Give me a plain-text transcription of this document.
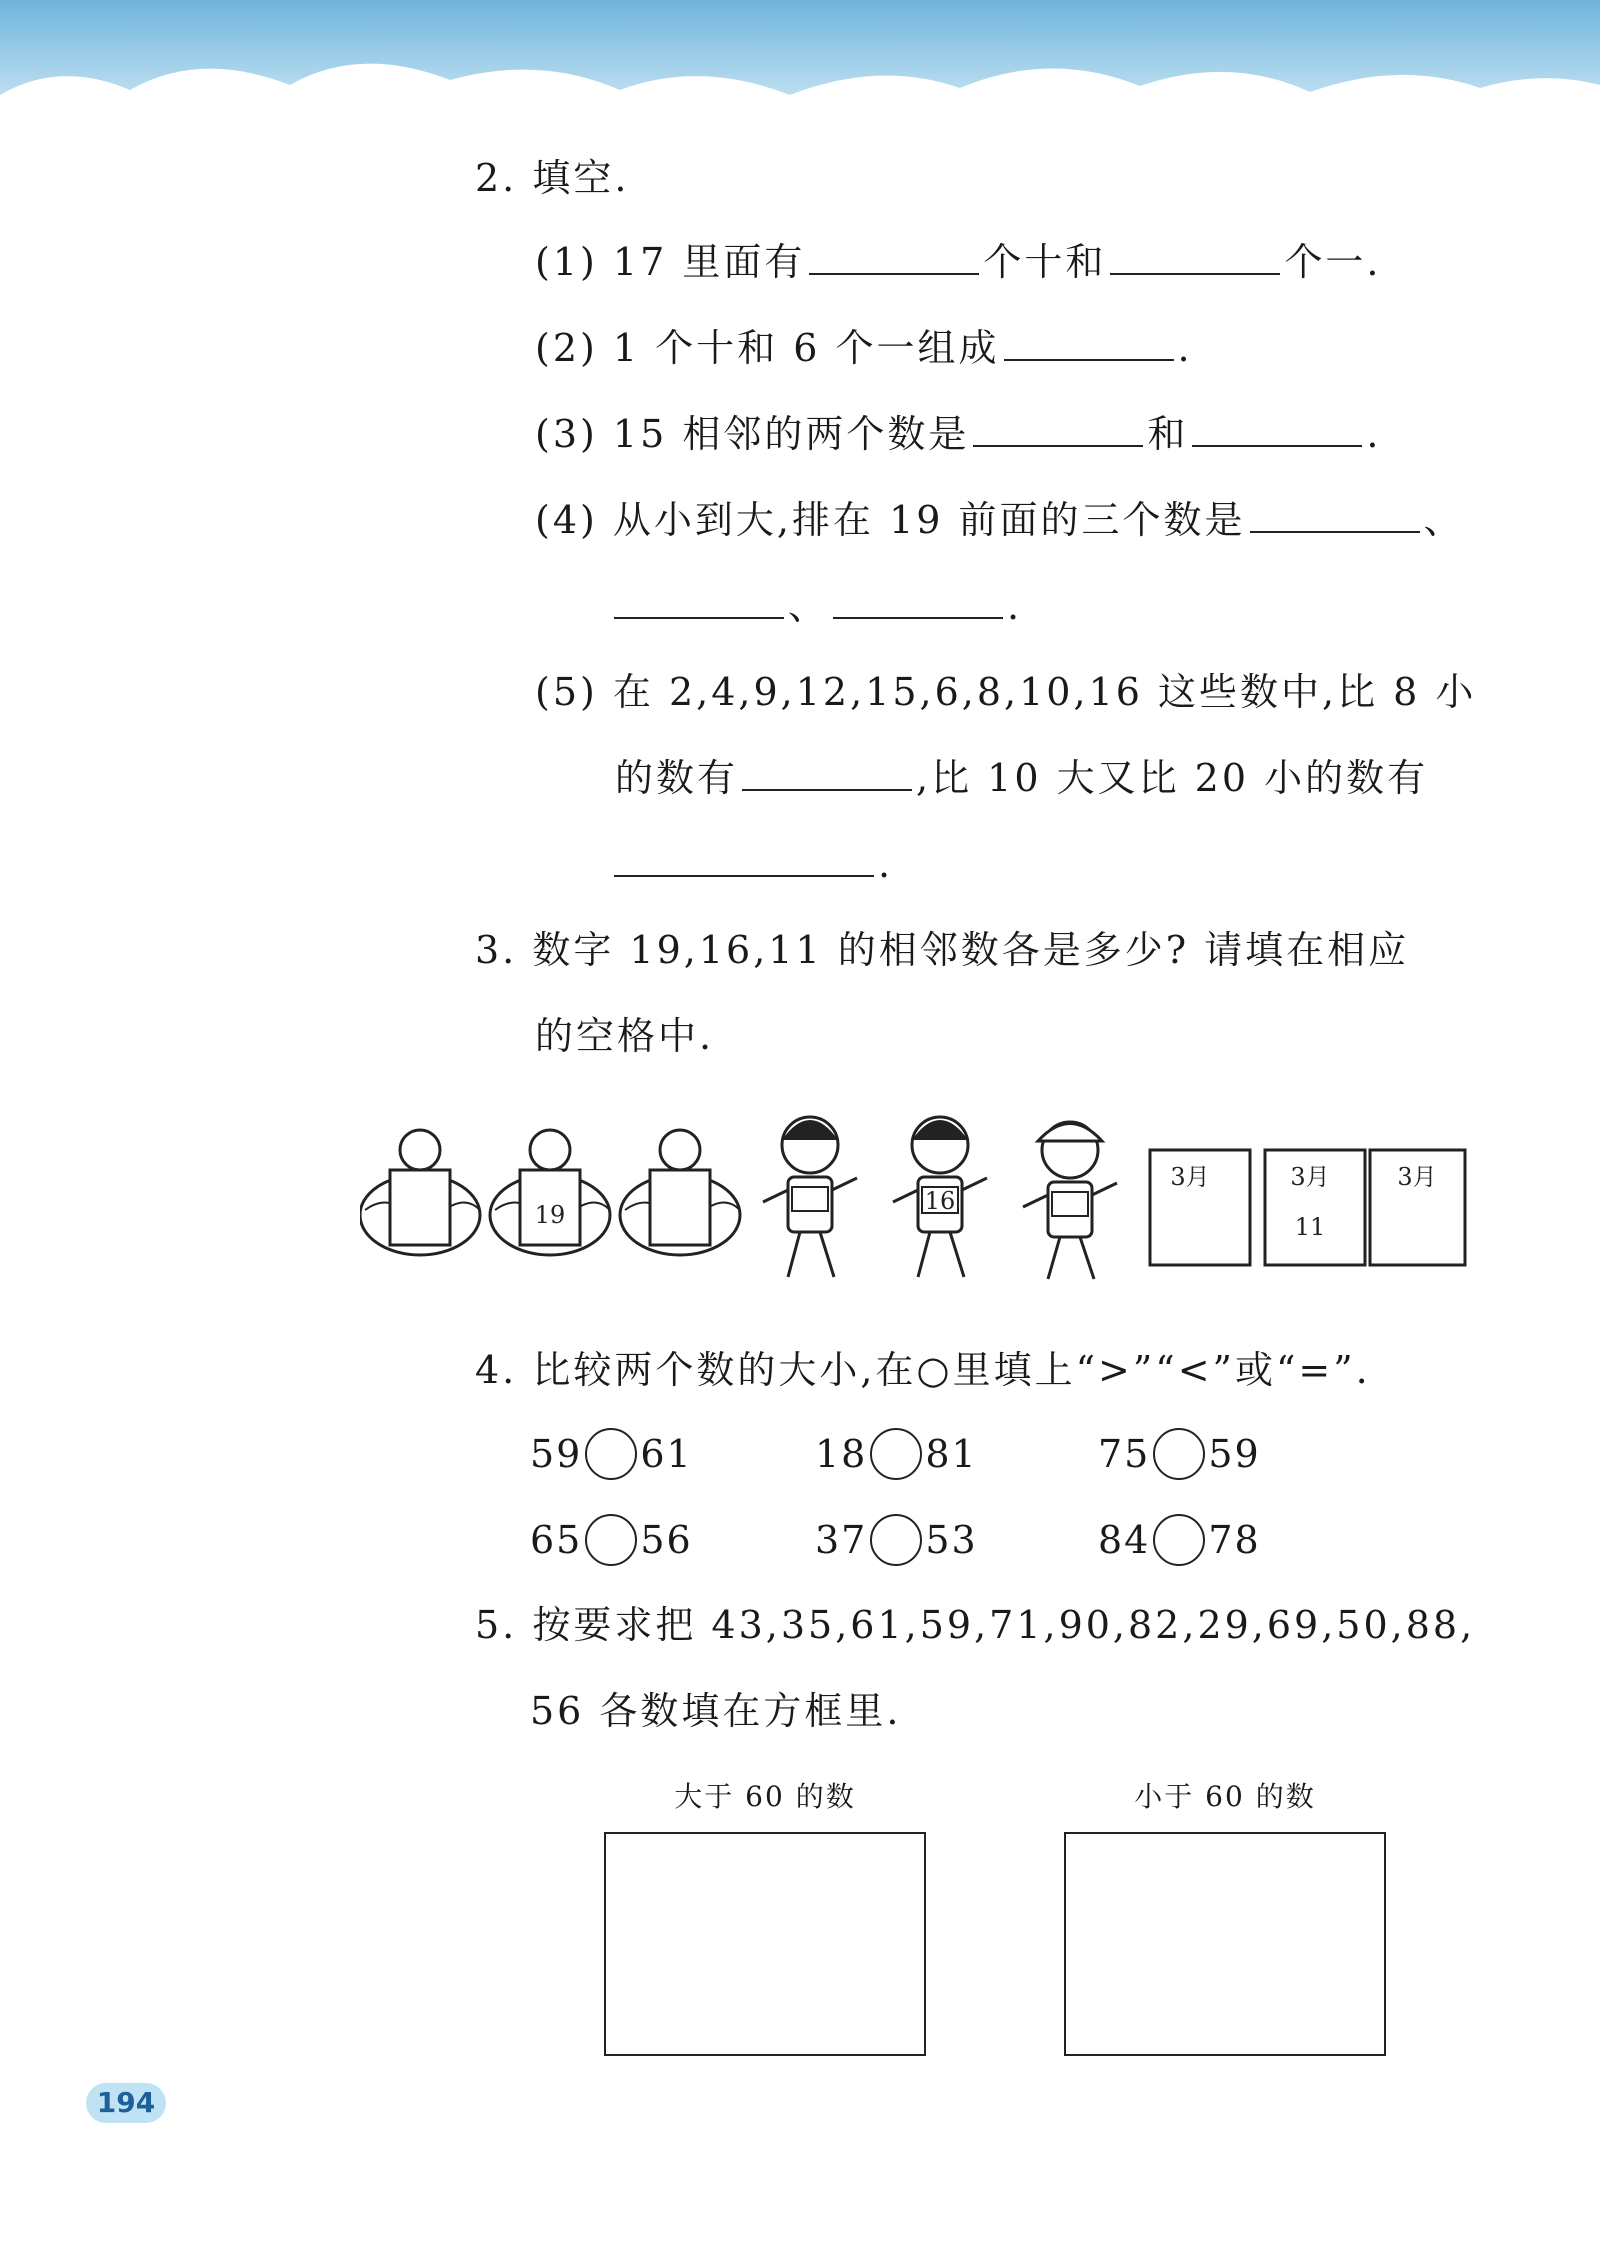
2. 填空.
(1) 17 里面有	个十和	个一.
(2) 1 个十和 6 个一组成	.
(3) 15 相邻的两个数是	和	.
(4) 从小到大,排在 19 前面的三个数是	、
、	.
(5) 在 2,4,9,12,15,6,8,10,16 这些数中,比 8 小
的数有	,比 10 大又比 20 小的数有
.
3. 数字 19,16,11 的相邻数各是多少? 请填在相应
的空格中.
19	16
3月	3月
11
3月
4. 比较两个数的大小,在○里填上“>”“<”或“=”.
59 61	18 81	75 59
65 56	37 53	84 78
5. 按要求把 43,35,61,59,71,90,82,29,69,50,88,
56 各数填在方框里.
大于 60 的数	小于 60 的数
194
